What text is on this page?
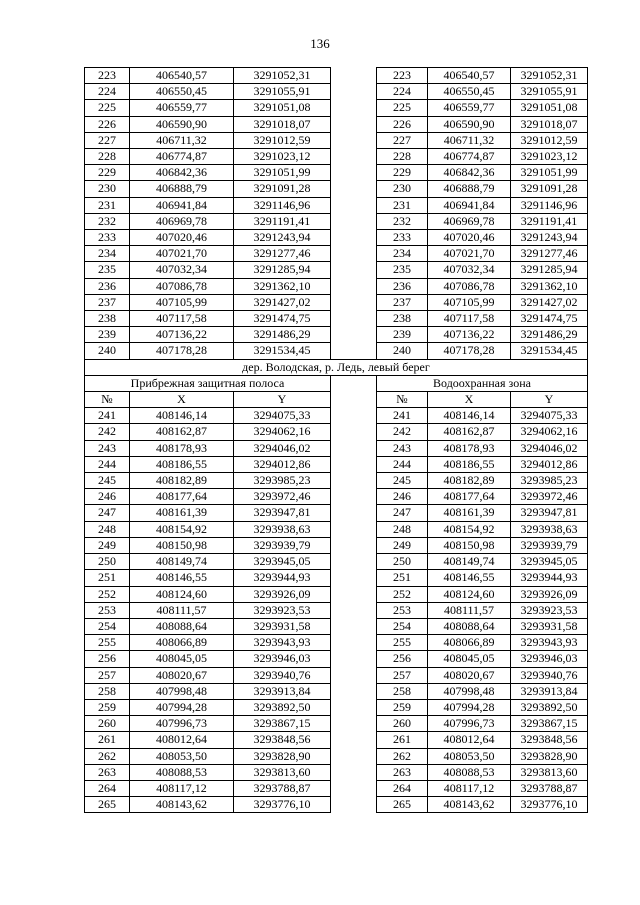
136
223	406540,57	3291052,31		223	406540,57	3291052,31
224	406550,45	3291055,91		224	406550,45	3291055,91
225	406559,77	3291051,08		225	406559,77	3291051,08
226	406590,90	3291018,07		226	406590,90	3291018,07
227	406711,32	3291012,59		227	406711,32	3291012,59
228	406774,87	3291023,12		228	406774,87	3291023,12
229	406842,36	3291051,99		229	406842,36	3291051,99
230	406888,79	3291091,28		230	406888,79	3291091,28
231	406941,84	3291146,96		231	406941,84	3291146,96
232	406969,78	3291191,41		232	406969,78	3291191,41
233	407020,46	3291243,94		233	407020,46	3291243,94
234	407021,70	3291277,46		234	407021,70	3291277,46
235	407032,34	3291285,94		235	407032,34	3291285,94
236	407086,78	3291362,10		236	407086,78	3291362,10
237	407105,99	3291427,02		237	407105,99	3291427,02
238	407117,58	3291474,75		238	407117,58	3291474,75
239	407136,22	3291486,29		239	407136,22	3291486,29
240	407178,28	3291534,45		240	407178,28	3291534,45
дер. Володская, р. Ледь, левый берег						
Прибрежная защитная полоса				Водоохранная зона		
№	X	Y		№	X	Y
241	408146,14	3294075,33		241	408146,14	3294075,33
242	408162,87	3294062,16		242	408162,87	3294062,16
243	408178,93	3294046,02		243	408178,93	3294046,02
244	408186,55	3294012,86		244	408186,55	3294012,86
245	408182,89	3293985,23		245	408182,89	3293985,23
246	408177,64	3293972,46		246	408177,64	3293972,46
247	408161,39	3293947,81		247	408161,39	3293947,81
248	408154,92	3293938,63		248	408154,92	3293938,63
249	408150,98	3293939,79		249	408150,98	3293939,79
250	408149,74	3293945,05		250	408149,74	3293945,05
251	408146,55	3293944,93		251	408146,55	3293944,93
252	408124,60	3293926,09		252	408124,60	3293926,09
253	408111,57	3293923,53		253	408111,57	3293923,53
254	408088,64	3293931,58		254	408088,64	3293931,58
255	408066,89	3293943,93		255	408066,89	3293943,93
256	408045,05	3293946,03		256	408045,05	3293946,03
257	408020,67	3293940,76		257	408020,67	3293940,76
258	407998,48	3293913,84		258	407998,48	3293913,84
259	407994,28	3293892,50		259	407994,28	3293892,50
260	407996,73	3293867,15		260	407996,73	3293867,15
261	408012,64	3293848,56		261	408012,64	3293848,56
262	408053,50	3293828,90		262	408053,50	3293828,90
263	408088,53	3293813,60		263	408088,53	3293813,60
264	408117,12	3293788,87		264	408117,12	3293788,87
265	408143,62	3293776,10		265	408143,62	3293776,10
